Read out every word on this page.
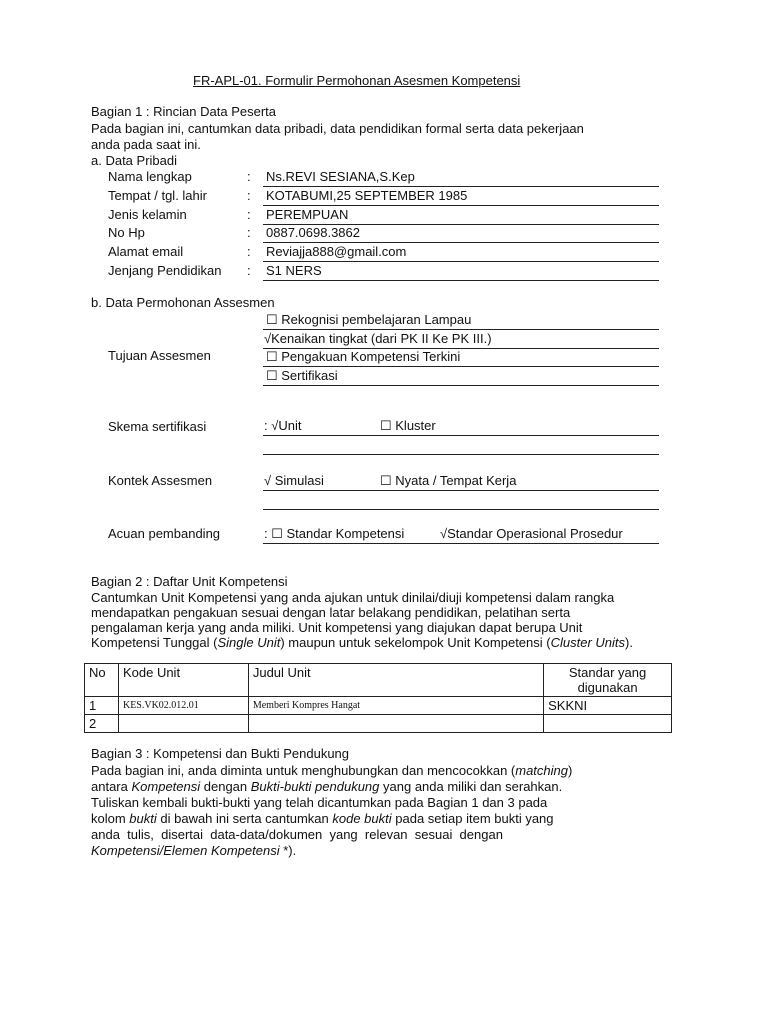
FR-APL-01. Formulir Permohonan Asesmen Kompetensi
Bagian 1 : Rincian Data Peserta
Pada bagian ini, cantumkan data pribadi, data pendidikan formal serta data pekerjaan
anda pada saat ini.
a. Data Pribadi
Nama lengkap	: Ns.REVI SESIANA,S.Kep
Tempat / tgl. lahir	: KOTABUMI,25 SEPTEMBER 1985
Jenis kelamin	: PEREMPUAN
No Hp	: 0887.0698.3862
Alamat email	: Reviajja888@gmail.com
Jenjang Pendidikan : S1 NERS
b. Data Permohonan Assesmen
☐ Rekognisi pembelajaran Lampau
√Kenaikan tingkat (dari PK II Ke PK III.)
Tujuan Assesmen	☐ Pengakuan Kompetensi Terkini
☐ Sertifikasi
Skema sertifikasi	: √Unit	☐ Kluster
Kontek Assesmen	√ Simulasi	☐ Nyata / Tempat Kerja
Acuan pembanding	: ☐ Standar Kompetensi	√Standar Operasional Prosedur
Bagian 2 : Daftar Unit Kompetensi
Cantumkan Unit Kompetensi yang anda ajukan untuk dinilai/diuji kompetensi dalam rangka
mendapatkan pengakuan sesuai dengan latar belakang pendidikan, pelatihan serta
pengalaman kerja yang anda miliki. Unit kompetensi yang diajukan dapat berupa Unit
Kompetensi Tunggal (Single Unit) maupun untuk sekelompok Unit Kompetensi (Cluster Units).
No	Kode Unit	Judul Unit	Standar yang digunakan
1	KES.VK02.012.01	Memberi Kompres Hangat	SKKNI
2			
Bagian 3 : Kompetensi dan Bukti Pendukung
Pada bagian ini, anda diminta untuk menghubungkan dan mencocokkan (matching)
antara Kompetensi dengan Bukti-bukti pendukung yang anda miliki dan serahkan.
Tuliskan kembali bukti-bukti yang telah dicantumkan pada Bagian 1 dan 3 pada
kolom bukti di bawah ini serta cantumkan kode bukti pada setiap item bukti yang
anda  tulis,  disertai  data-data/dokumen  yang  relevan  sesuai  dengan
Kompetensi/Elemen Kompetensi *).
